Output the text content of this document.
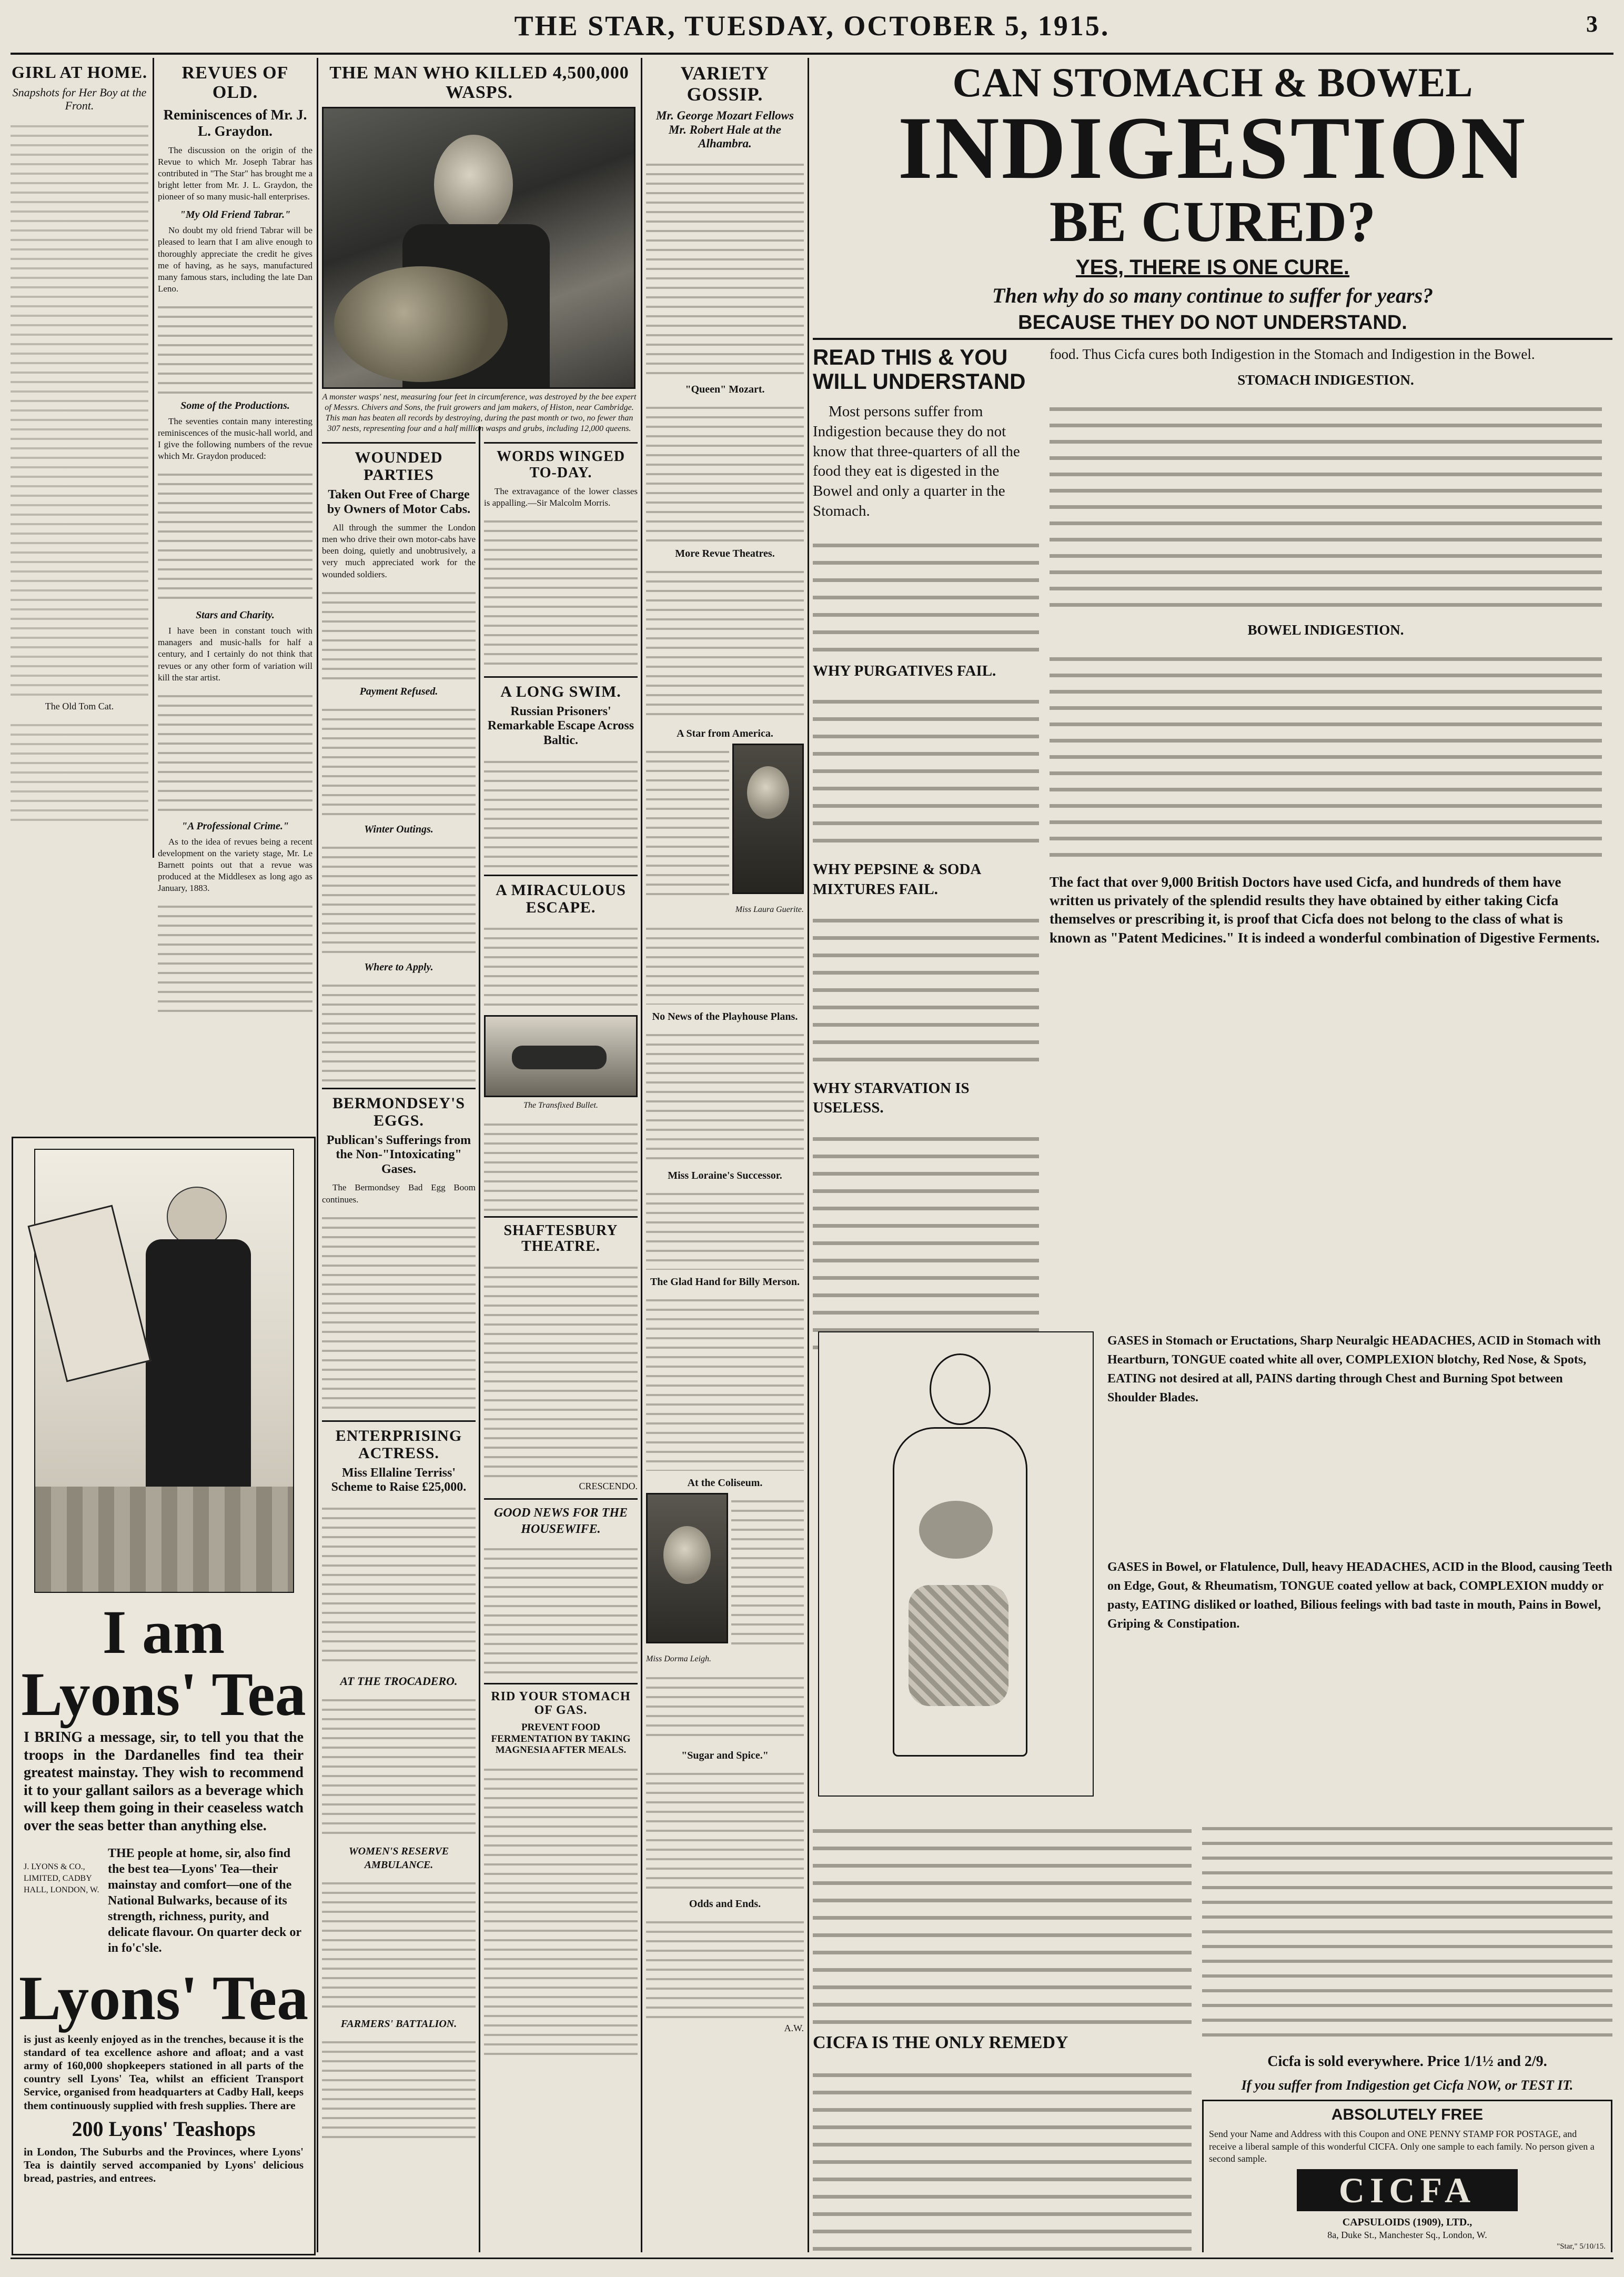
THE STAR, TUESDAY, OCTOBER 5, 1915.	3
GIRL AT HOME.
Snapshots for Her Boy at the Front.

The Old Tom Cat.
REVUES OF OLD.
Reminiscences of Mr. J. L. Graydon.

The discussion on the origin of the Revue to which Mr. Joseph Tabrar has contributed in "The Star" has brought me a bright letter from Mr. J. L. Graydon, the pioneer of so many music-hall enterprises.

"My Old Friend Tabrar."

No doubt my old friend Tabrar will be pleased to learn that I am alive enough to thoroughly appreciate the credit he gives me of having, as he says, manufactured many famous stars, including the late Dan Leno.

Some of the Productions.

The seventies contain many interesting reminiscences of the music-hall world, and I give the following numbers of the revue which Mr. Graydon produced:

Stars and Charity.

I have been in constant touch with managers and music-halls for half a century, and I certainly do not think that revues or any other form of variation will kill the star artist.

"A Professional Crime."

As to the idea of revues being a recent development on the variety stage, Mr. Le Barnett points out that a revue was produced at the Middlesex as long ago as January, 1883.

I am Lyons' Tea
I BRING a message, sir, to tell you that the troops in the Dardanelles find tea their greatest mainstay. They wish to recommend it to your gallant sailors as a beverage which will keep them going in their ceaseless watch over the seas better than anything else.
J. LYONS & CO., LIMITED, CADBY HALL, LONDON, W.
THE people at home, sir, also find the best tea—Lyons' Tea—their mainstay and comfort—one of the National Bulwarks, because of its strength, richness, purity, and delicate flavour. On quarter deck or in fo'c'sle.
Lyons' Tea
is just as keenly enjoyed as in the trenches, because it is the standard of tea excellence ashore and afloat; and a vast army of 160,000 shopkeepers stationed in all parts of the country sell Lyons' Tea, whilst an efficient Transport Service, organised from headquarters at Cadby Hall, keeps them continuously supplied with fresh supplies. There are
200 Lyons' Teashops
in London, The Suburbs and the Provinces, where Lyons' Tea is daintily served accompanied by Lyons' delicious bread, pastries, and entrees.
THE MAN WHO KILLED 4,500,000 WASPS.
A monster wasps' nest, measuring four feet in circumference, was destroyed by the bee expert of Messrs. Chivers and Sons, the fruit growers and jam makers, of Histon, near Cambridge. This man has beaten all records by destroying, during the past month or two, no fewer than 307 nests, representing four and a half million wasps and grubs, including 12,000 queens.
WOUNDED PARTIES
Taken Out Free of Charge by Owners of Motor Cabs.

All through the summer the London men who drive their own motor-cabs have been doing, quietly and unobtrusively, a very much appreciated work for the wounded soldiers.

Payment Refused.
Winter Outings.
Where to Apply.
BERMONDSEY'S EGGS.
Publican's Sufferings from the Non-"Intoxicating" Gases.

The Bermondsey Bad Egg Boom continues.

ENTERPRISING ACTRESS.
Miss Ellaline Terriss' Scheme to Raise £25,000.
AT THE TROCADERO.
WOMEN'S RESERVE AMBULANCE.
FARMERS' BATTALION.
WORDS WINGED TO-DAY.

The extravagance of the lower classes is appalling.—Sir Malcolm Morris.

A LONG SWIM.
Russian Prisoners' Remarkable Escape Across Baltic.
A MIRACULOUS ESCAPE.
The Transfixed Bullet.
SHAFTESBURY THEATRE.
CRESCENDO.
GOOD NEWS FOR THE HOUSEWIFE.
RID YOUR STOMACH OF GAS.
PREVENT FOOD FERMENTATION BY TAKING MAGNESIA AFTER MEALS.
VARIETY GOSSIP.
Mr. George Mozart Fellows Mr. Robert Hale at the Alhambra.
"Queen" Mozart.
More Revue Theatres.
A Star from America.
Miss Laura Guerite.
No News of the Playhouse Plans.
Miss Loraine's Successor.
The Glad Hand for Billy Merson.
At the Coliseum.
Miss Dorma Leigh.
"Sugar and Spice."
Odds and Ends.
A.W.
CAN STOMACH & BOWEL
INDIGESTION
BE CURED?
YES, THERE IS ONE CURE.
Then why do so many continue to suffer for years?
BECAUSE THEY DO NOT UNDERSTAND.
READ THIS & YOU WILL UNDERSTAND

Most persons suffer from Indigestion because they do not know that three-quarters of all the food they eat is digested in the Bowel and only a quarter in the Stomach.

WHY PURGATIVES FAIL.
WHY PEPSINE & SODA MIXTURES FAIL.
WHY STARVATION IS USELESS.

food. Thus Cicfa cures both Indigestion in the Stomach and Indigestion in the Bowel.

STOMACH INDIGESTION.
BOWEL INDIGESTION.
The fact that over 9,000 British Doctors have used Cicfa, and hundreds of them have written us privately of the splendid results they have obtained by either taking Cicfa themselves or prescribing it, is proof that Cicfa does not belong to the class of what is known as "Patent Medicines." It is indeed a wonderful combination of Digestive Ferments.
GASES in Stomach or Eructations, Sharp Neuralgic HEADACHES, ACID in Stomach with Heartburn, TONGUE coated white all over, COMPLEXION blotchy, Red Nose, & Spots, EATING not desired at all, PAINS darting through Chest and Burning Spot between Shoulder Blades.
GASES in Bowel, or Flatulence, Dull, heavy HEADACHES, ACID in the Blood, causing Teeth on Edge, Gout, & Rheumatism, TONGUE coated yellow at back, COMPLEXION muddy or pasty, EATING disliked or loathed, Bilious feelings with bad taste in mouth, Pains in Bowel, Griping & Constipation.
CICFA IS THE ONLY REMEDY
Cicfa is sold everywhere. Price 1/1½ and 2/9.
If you suffer from Indigestion get Cicfa NOW, or TEST IT.
ABSOLUTELY FREE
Send your Name and Address with this Coupon and ONE PENNY STAMP FOR POSTAGE, and receive a liberal sample of this wonderful CICFA. Only one sample to each family. No person given a second sample.
CICFA
CAPSULOIDS (1909), LTD.,
8a, Duke St., Manchester Sq., London, W.
"Star," 5/10/15.
